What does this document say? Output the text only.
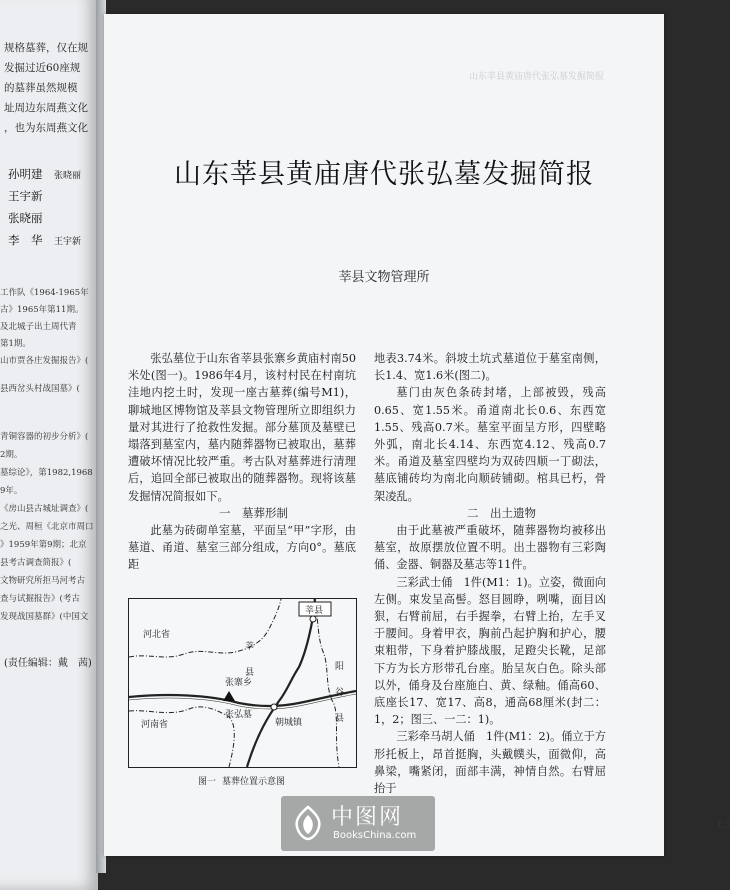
规格墓葬，仅在规
发掘过近60座规
的墓葬虽然规模
址周边东周燕文化
，也为东周燕文化
孙明建　 张晓丽
王宇新
张晓丽
李　华　 王宇新
工作队《1964-1965年
古》1965年第11期。
及北城子出土周代青
第1期。
山市贾各庄发掘报告》(
县西岔头村战国墓》(
青铜容器的初步分析》(
2期。
墓综论》，第1982,1968
9年。
《房山县古城址调查》(
之光、周桓《北京市周口
》1959年第9期；北京
县考古调查简报》(
文物研究所拒马河考古
查与试掘报告》(考古
发现战国墓群》(中国文
(责任编辑：戴　茜)
山东莘县黄庙唐代张弘墓发掘简报
山东莘县黄庙唐代张弘墓发掘简报
莘县文物管理所

张弘墓位于山东省莘县张寨乡黄庙村南50米处(图一)。1986年4月，该村村民在村南坑洼地内挖土时，发现一座古墓葬(编号M1)，聊城地区博物馆及莘县文物管理所立即组织力量对其进行了抢救性发掘。部分墓顶及墓壁已塌落到墓室内，墓内随葬器物已被取出，墓葬遭破坏情况比较严重。考古队对墓葬进行清理后，追回全部已被取出的随葬器物。现将该墓发掘情况简报如下。

一　墓葬形制

此墓为砖砌单室墓，平面呈“甲”字形，由墓道、甬道、墓室三部分组成，方向0°。墓底距

地表3.74米。斜坡土坑式墓道位于墓室南侧，长1.4、宽1.6米(图二)。

墓门由灰色条砖封堵，上部被毁，残高0.65、宽1.55米。甬道南北长0.6、东西宽1.55、残高0.7米。墓室平面呈方形，四壁略外弧，南北长4.14、东西宽4.12、残高0.7米。甬道及墓室四壁均为双砖四顺一丁砌法，墓底铺砖均为南北向顺砖铺砌。棺具已朽，骨架凌乱。

二　出土遗物

由于此墓被严重破坏，随葬器物均被移出墓室，故原摆放位置不明。出土器物有三彩陶俑、金器、铜器及墓志等11件。

三彩武士俑　1件(M1：1)。立姿，微面向左侧。束发呈高髻。怒目圆睁，咧嘴，面目凶狠，右臂前屈，右手握拳，右臂上抬，左手叉于腰间。身着甲衣，胸前凸起护胸和护心，腰束粗带，下身着护膝战服，足蹬尖长靴，足部下方为长方形带孔台座。胎呈灰白色。除头部以外，俑身及台座施白、黄、绿釉。俑高60、底座长17、宽17、高8，通高68厘米(封二：1，2；图三、一二：1)。

三彩牵马胡人俑　1件(M1：2)。俑立于方形托板上，昂首挺胸，头戴幞头，面微仰，高鼻梁，嘴紧闭，面部丰满，神情自然。右臂屈抬于

13
莘县
河北省
莘
县
河南省
阳
谷
县
张寨乡
张弘墓
朝城镇
图一 墓葬位置示意图
中图网
BooksChina.com
